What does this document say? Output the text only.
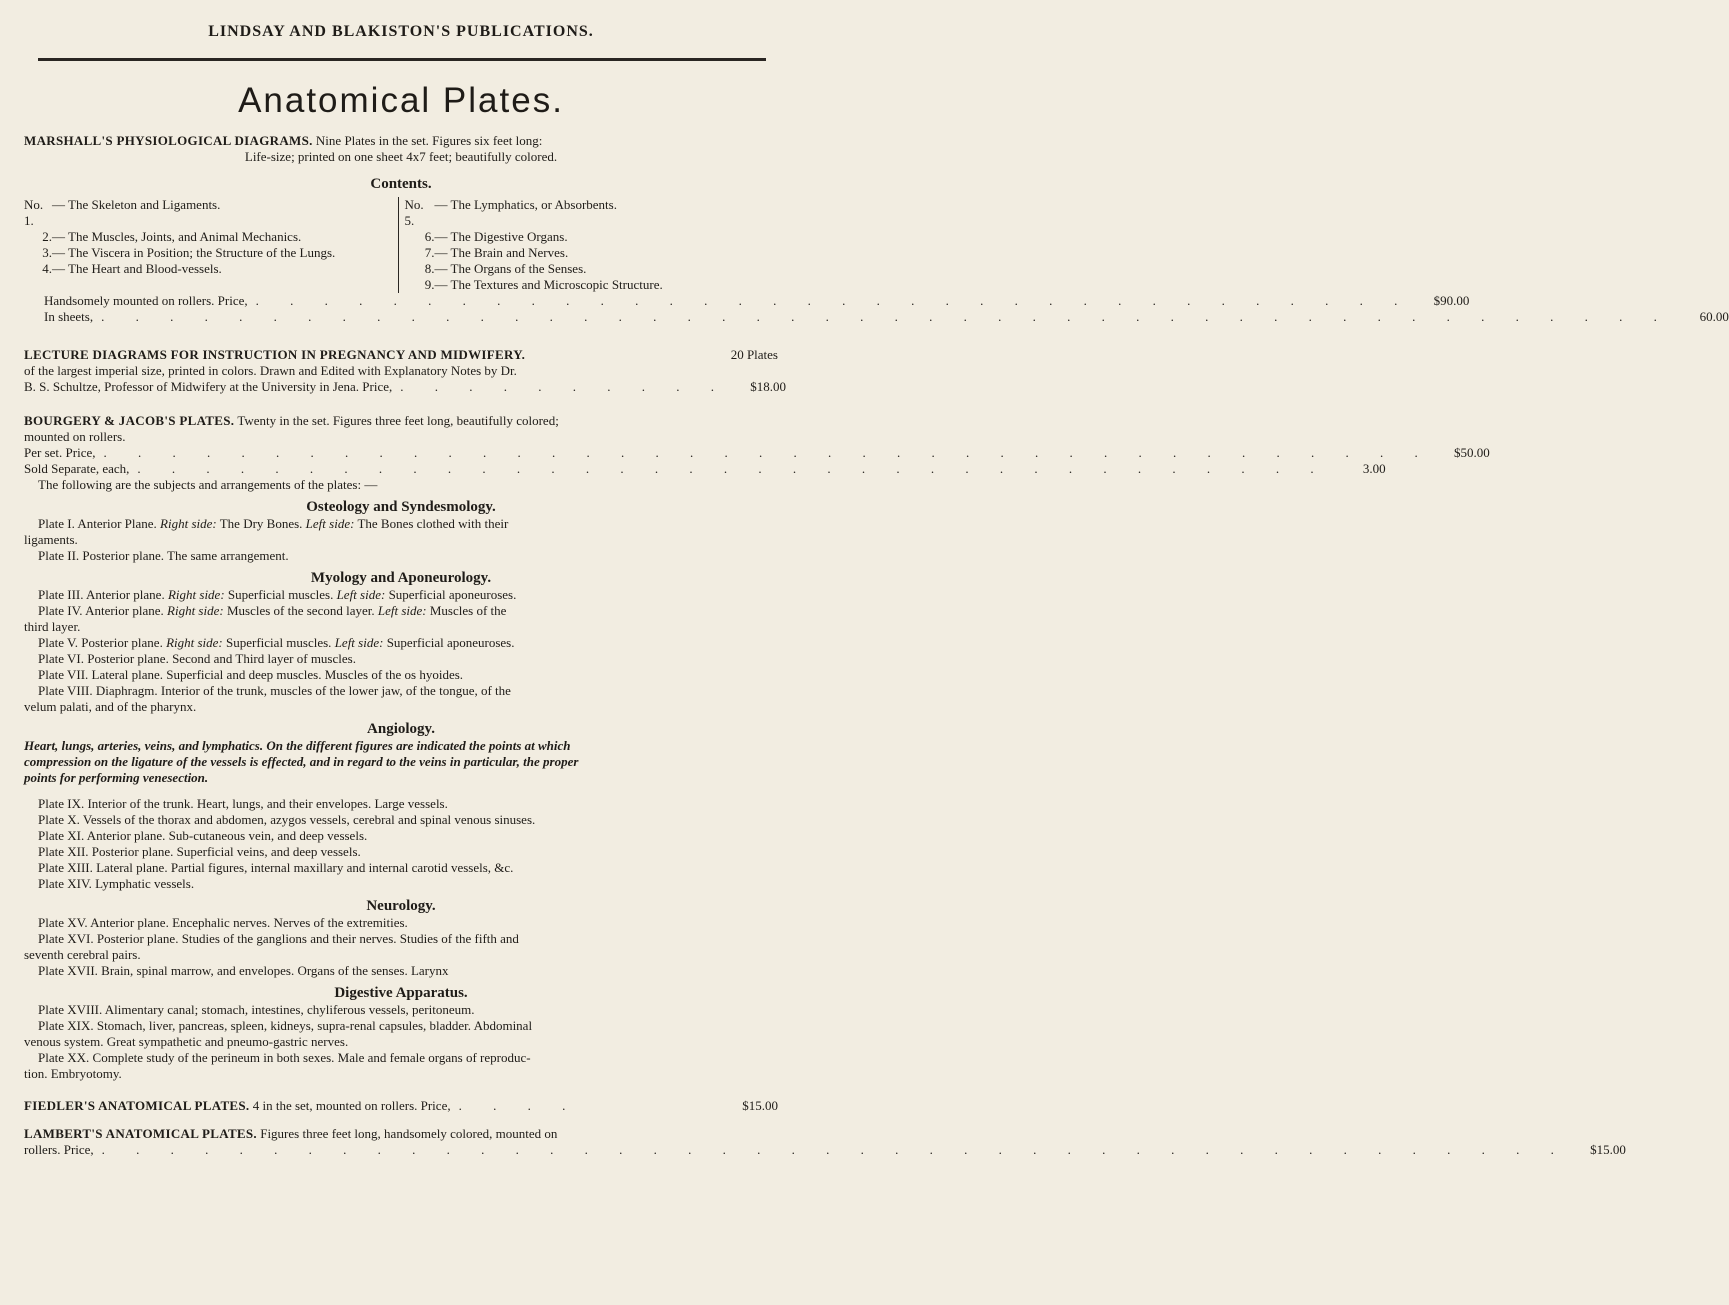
LINDSAY AND BLAKISTON'S PUBLICATIONS.
Anatomical Plates.

MARSHALL'S PHYSIOLOGICAL DIAGRAMS. Nine Plates in the set. Figures six feet long:

Life-size; printed on one sheet 4x7 feet; beautifully colored.

Contents.

No. 1.
— The Skeleton and Ligaments.
2. — The Muscles, Joints, and Animal Mechanics.
3. — The Viscera in Position; the Structure of the Lungs.
4. — The Heart and Blood-vessels.
No. 5.
— The Lymphatics, or Absorbents.
6. — The Digestive Organs.
7. — The Brain and Nerves.
8. — The Organs of the Senses.
9. — The Textures and Microscopic Structure.
Handsomely mounted on rollers. Price, . . . . . . . . . . . . . . . . . . . . . . . . . . . . . . . . . .	$90.00
In sheets, . . . . . . . . . . . . . . . . . . . . . . . . . . . . . . . . . . . . . . . . . . . . . .	60.00

LECTURE DIAGRAMS FOR INSTRUCTION IN PREGNANCY AND MIDWIFERY.	20 Plates

of the largest imperial size, printed in colors. Drawn and Edited with Explanatory Notes by Dr.

B. S. Schultze, Professor of Midwifery at the University in Jena. Price, . . . . . . . . . .	$18.00

BOURGERY & JACOB'S PLATES. Twenty in the set. Figures three feet long, beautifully colored;

mounted on rollers.

Per set. Price, . . . . . . . . . . . . . . . . . . . . . . . . . . . . . . . . . . . . . . .	$50.00
Sold Separate, each, . . . . . . . . . . . . . . . . . . . . . . . . . . . . . . . . . . .	3.00

The following are the subjects and arrangements of the plates: —

Osteology and Syndesmology.

Plate I. Anterior Plane. Right side: The Dry Bones. Left side: The Bones clothed with their

ligaments.

Plate II. Posterior plane. The same arrangement.

Myology and Aponeurology.

Plate III. Anterior plane. Right side: Superficial muscles. Left side: Superficial aponeuroses.

Plate IV. Anterior plane. Right side: Muscles of the second layer. Left side: Muscles of the

third layer.

Plate V. Posterior plane. Right side: Superficial muscles. Left side: Superficial aponeuroses.

Plate VI. Posterior plane. Second and Third layer of muscles.

Plate VII. Lateral plane. Superficial and deep muscles. Muscles of the os hyoides.

Plate VIII. Diaphragm. Interior of the trunk, muscles of the lower jaw, of the tongue, of the

velum palati, and of the pharynx.

Angiology.

Heart, lungs, arteries, veins, and lymphatics. On the different figures are indicated the points at which

compression on the ligature of the vessels is effected, and in regard to the veins in particular, the proper

points for performing venesection.

Plate IX. Interior of the trunk. Heart, lungs, and their envelopes. Large vessels.

Plate X. Vessels of the thorax and abdomen, azygos vessels, cerebral and spinal venous sinuses.

Plate XI. Anterior plane. Sub-cutaneous vein, and deep vessels.

Plate XII. Posterior plane. Superficial veins, and deep vessels.

Plate XIII. Lateral plane. Partial figures, internal maxillary and internal carotid vessels, &c.

Plate XIV. Lymphatic vessels.

Neurology.

Plate XV. Anterior plane. Encephalic nerves. Nerves of the extremities.

Plate XVI. Posterior plane. Studies of the ganglions and their nerves. Studies of the fifth and

seventh cerebral pairs.

Plate XVII. Brain, spinal marrow, and envelopes. Organs of the senses. Larynx

Digestive Apparatus.

Plate XVIII. Alimentary canal; stomach, intestines, chyliferous vessels, peritoneum.

Plate XIX. Stomach, liver, pancreas, spleen, kidneys, supra-renal capsules, bladder. Abdominal

venous system. Great sympathetic and pneumo-gastric nerves.

Plate XX. Complete study of the perineum in both sexes. Male and female organs of reproduc-

tion. Embryotomy.

FIEDLER'S ANATOMICAL PLATES. 4 in the set, mounted on rollers. Price, . . . .	$15.00

LAMBERT'S ANATOMICAL PLATES. Figures three feet long, handsomely colored, mounted on

rollers. Price, . . . . . . . . . . . . . . . . . . . . . . . . . . . . . . . . . . . . . . . . . . .	$15.00
